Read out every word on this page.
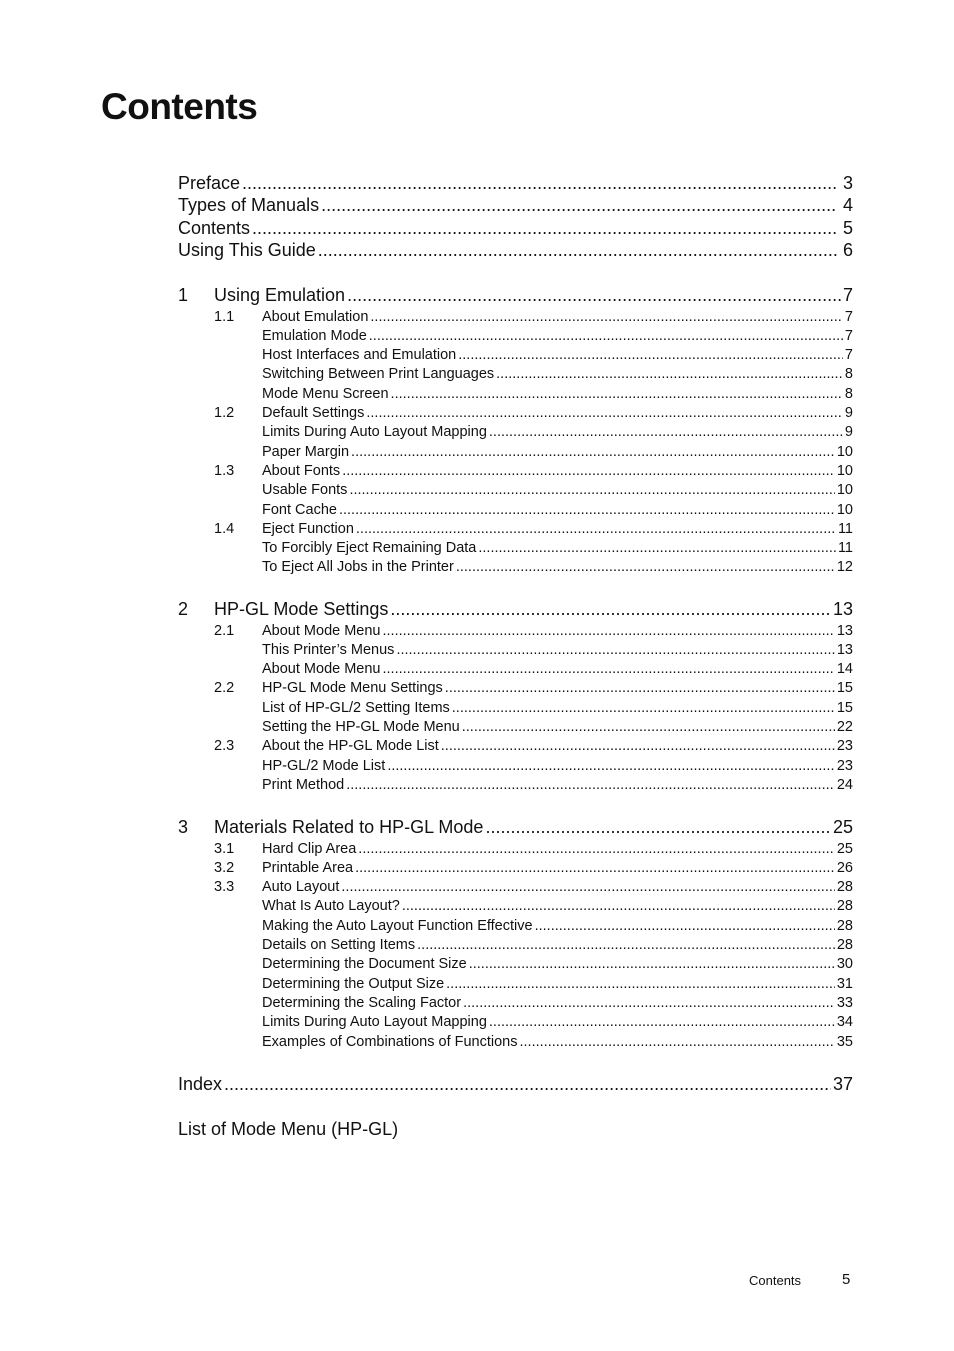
Contents
Preface .....	3
Types of Manuals .....	4
Contents .....	5
Using This Guide .....	6
1	Using Emulation .....	7
1.1	About Emulation .....	7
Emulation Mode .....	7
Host Interfaces and Emulation .....	7
Switching Between Print Languages .....	8
Mode Menu Screen .....	8
1.2	Default Settings .....	9
Limits During Auto Layout Mapping .....	9
Paper Margin .....	10
1.3	About Fonts .....	10
Usable Fonts .....	10
Font Cache .....	10
1.4	Eject Function .....	11
To Forcibly Eject Remaining Data .....	11
To Eject All Jobs in the Printer .....	12
2	HP-GL Mode Settings .....	13
2.1	About Mode Menu .....	13
This Printer’s Menus .....	13
About Mode Menu .....	14
2.2	HP-GL Mode Menu Settings .....	15
List of HP-GL/2 Setting Items .....	15
Setting the HP-GL Mode Menu .....	22
2.3	About the HP-GL Mode List .....	23
HP-GL/2 Mode List .....	23
Print Method .....	24
3	Materials Related to HP-GL Mode .....	25
3.1	Hard Clip Area .....	25
3.2	Printable Area .....	26
3.3	Auto Layout .....	28
What Is Auto Layout? .....	28
Making the Auto Layout Function Effective .....	28
Details on Setting Items .....	28
Determining the Document Size .....	30
Determining the Output Size .....	31
Determining the Scaling Factor .....	33
Limits During Auto Layout Mapping .....	34
Examples of Combinations of Functions .....	35
Index .....	37
List of Mode Menu (HP-GL)
Contents	5
